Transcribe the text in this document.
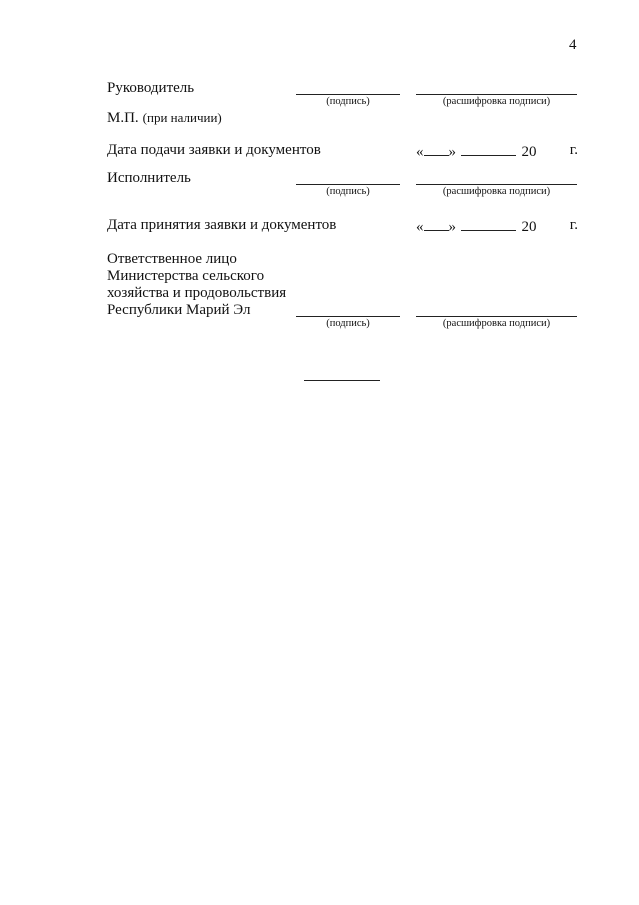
4
Руководитель
(подпись)	(расшифровка подписи)
М.П. (при наличии)
Дата подачи заявки и документов	« »	20 г.
Исполнитель
(подпись)	(расшифровка подписи)
Дата принятия заявки и документов	« »	20 г.
Ответственное лицо
Министерства сельского
хозяйства и продовольствия
Республики Марий Эл
(подпись)	(расшифровка подписи)
